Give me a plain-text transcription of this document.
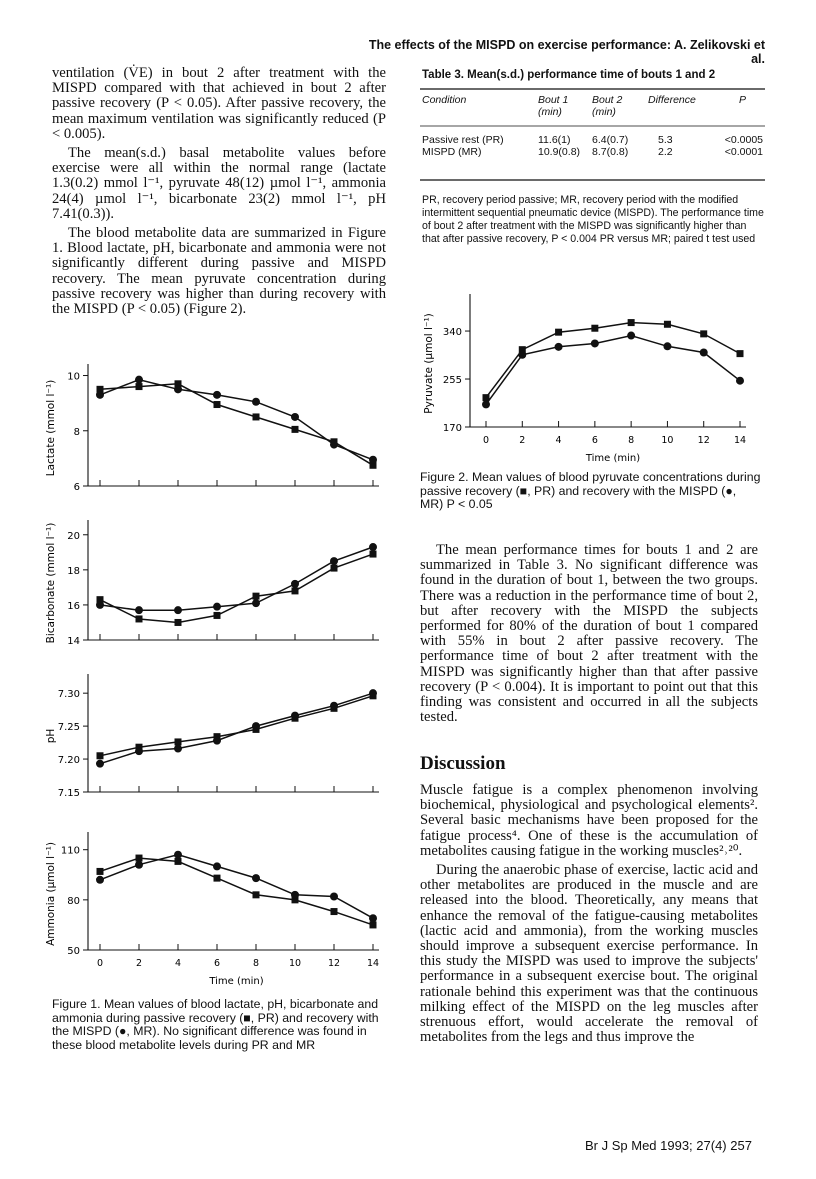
The effects of the MISPD on exercise performance: A. Zelikovski et al.

ventilation (V̇E) in bout 2 after treatment with the MISPD compared with that achieved in bout 2 after passive recovery (P < 0.05). After passive recovery, the mean maximum ventilation was significantly reduced (P < 0.005).

The mean(s.d.) basal metabolite values before exercise were all within the normal range (lactate 1.3(0.2) mmol l⁻¹, pyruvate 48(12) µmol l⁻¹, ammonia 24(4) µmol l⁻¹, bicarbonate 23(2) mmol l⁻¹, pH 7.41(0.3)).

The blood metabolite data are summarized in Figure 1. Blood lactate, pH, bicarbonate and ammonia were not significantly different during passive and MISPD recovery. The mean pyruvate concentration during passive recovery was higher than during recovery with the MISPD (P < 0.05) (Figure 2).

6
8
10
Lactate (mmol l⁻¹)
14
16
18
20
Bicarbonate (mmol l⁻¹)
7.15
7.20
7.25
7.30
pH
50
80
110
Ammonia (µmol l⁻¹)
0	2	4	6	8	10	12	14
Time (min)
Figure 1. Mean values of blood lactate, pH, bicarbonate and ammonia during passive recovery (■, PR) and recovery with the MISPD (●, MR). No significant difference was found in these blood metabolite levels during PR and MR
Table 3. Mean(s.d.) performance time of bouts 1 and 2
Condition	Bout 1 (min)	Bout 2 (min)	Difference	P
Passive rest (PR)	11.6(1)	6.4(0.7)	5.3	<0.0005
MISPD (MR)	10.9(0.8)	8.7(0.8)	2.2	<0.0001
PR, recovery period passive; MR, recovery period with the modified intermittent sequential pneumatic device (MISPD). The performance time of bout 2 after treatment with the MISPD was significantly higher than that after passive recovery, P < 0.004 PR versus MR; paired t test used
170
255
340
Pyruvate (µmol l⁻¹)
0	2	4	6	8	10	12	14
Time (min)
Figure 2. Mean values of blood pyruvate concentrations during passive recovery (■, PR) and recovery with the MISPD (●, MR) P < 0.05

The mean performance times for bouts 1 and 2 are summarized in Table 3. No significant difference was found in the duration of bout 1, between the two groups. There was a reduction in the performance time of bout 2, but after recovery with the MISPD the subjects performed for 80% of the duration of bout 1 compared with 55% in bout 2 after passive recovery. The performance time of bout 2 after treatment with the MISPD was significantly higher than that after passive recovery (P < 0.004). It is important to point out that this finding was consistent and occurred in all the subjects tested.

Discussion

Muscle fatigue is a complex phenomenon involving biochemical, physiological and psychological elements². Several basic mechanisms have been proposed for the fatigue process⁴. One of these is the accumulation of metabolites causing fatigue in the working muscles²˒²⁰.

During the anaerobic phase of exercise, lactic acid and other metabolites are produced in the muscle and are released into the blood. Theoretically, any means that enhance the removal of the fatigue-causing metabolites (lactic acid and ammonia), from the working muscles should improve a subsequent exercise performance. In this study the MISPD was used to improve the subjects' performance in a subsequent exercise bout. The original rationale behind this experiment was that the continuous milking effect of the MISPD on the leg muscles after strenuous effort, would accelerate the removal of metabolites from the legs and thus improve the

Br J Sp Med 1993; 27(4) 257
